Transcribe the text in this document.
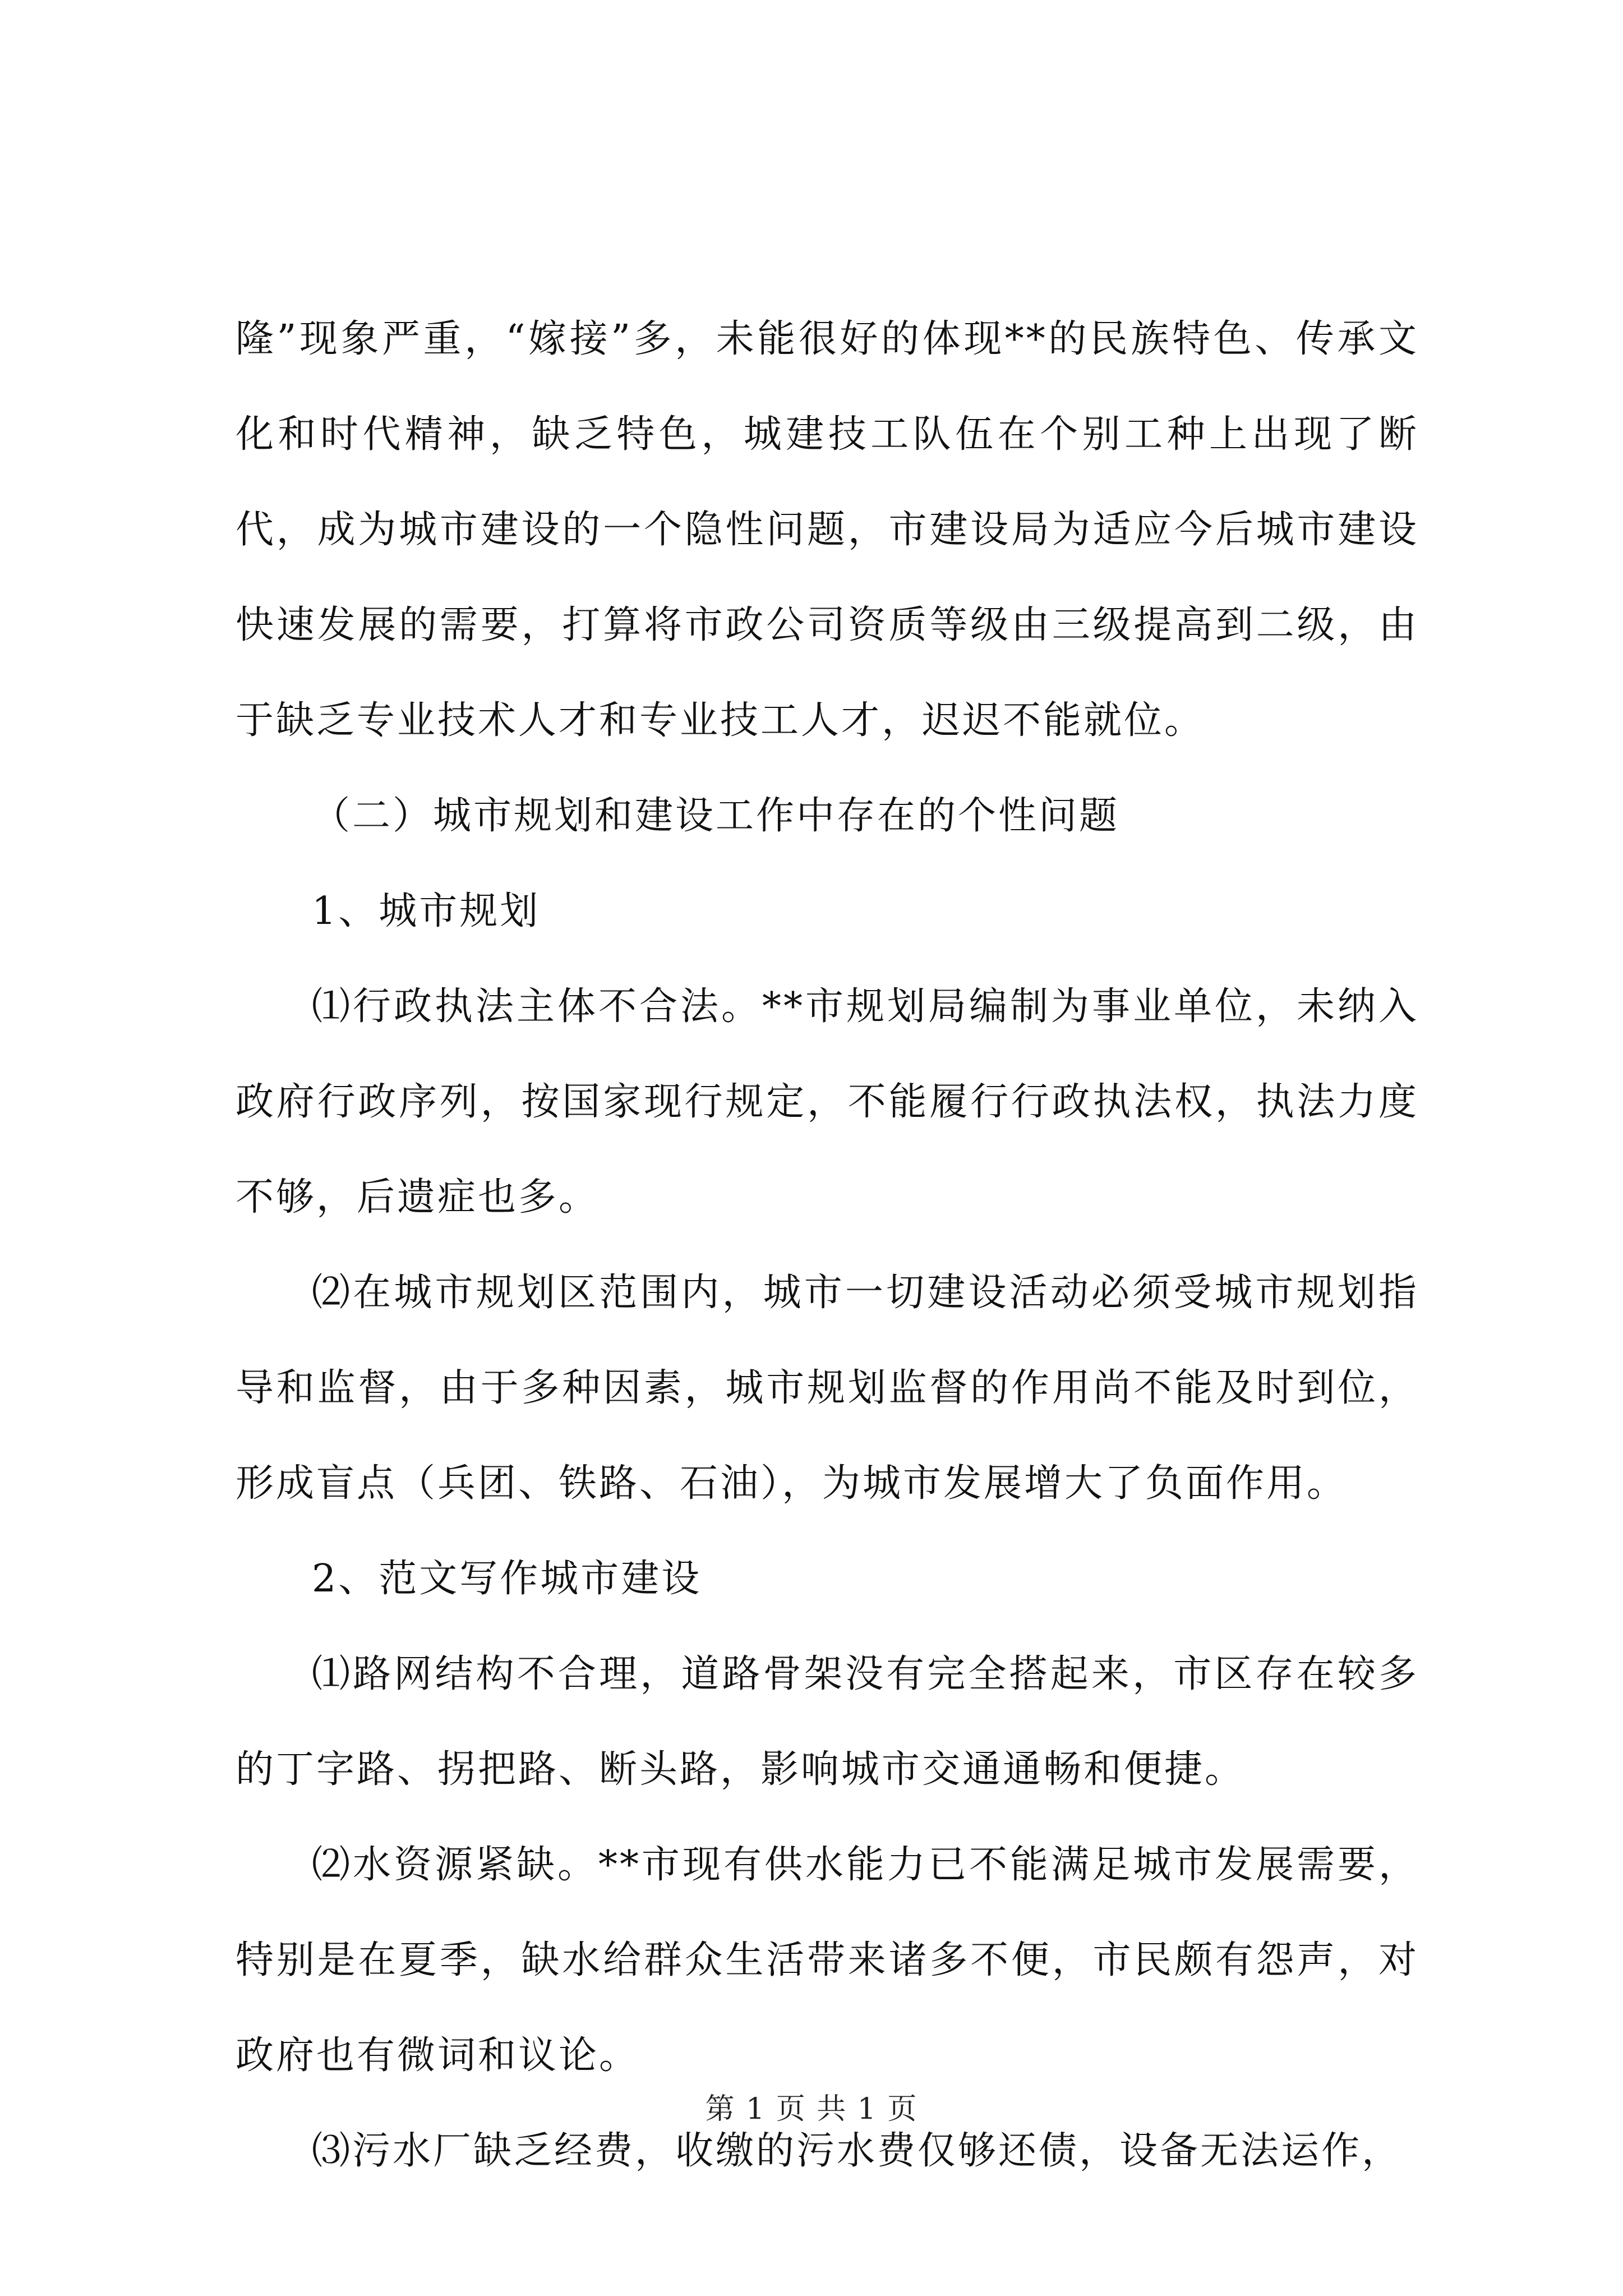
隆”现象严重，“嫁接”多，未能很好的体现**的民族特色、传承文化和时代精神，缺乏特色，城建技工队伍在个别工种上出现了断代，成为城市建设的一个隐性问题，市建设局为适应今后城市建设快速发展的需要，打算将市政公司资质等级由三级提高到二级，由于缺乏专业技术人才和专业技工人才，迟迟不能就位。

（二）城市规划和建设工作中存在的个性问题

1、城市规划

⑴行政执法主体不合法。**市规划局编制为事业单位，未纳入政府行政序列，按国家现行规定，不能履行行政执法权，执法力度不够，后遗症也多。

⑵在城市规划区范围内，城市一切建设活动必须受城市规划指导和监督，由于多种因素，城市规划监督的作用尚不能及时到位，形成盲点（兵团、铁路、石油），为城市发展增大了负面作用。

2、范文写作城市建设

⑴路网结构不合理，道路骨架没有完全搭起来，市区存在较多的丁字路、拐把路、断头路，影响城市交通通畅和便捷。

⑵水资源紧缺。**市现有供水能力已不能满足城市发展需要，特别是在夏季，缺水给群众生活带来诸多不便，市民颇有怨声，对政府也有微词和议论。

⑶污水厂缺乏经费，收缴的污水费仅够还债，设备无法运作，

第 1 页 共 1 页
